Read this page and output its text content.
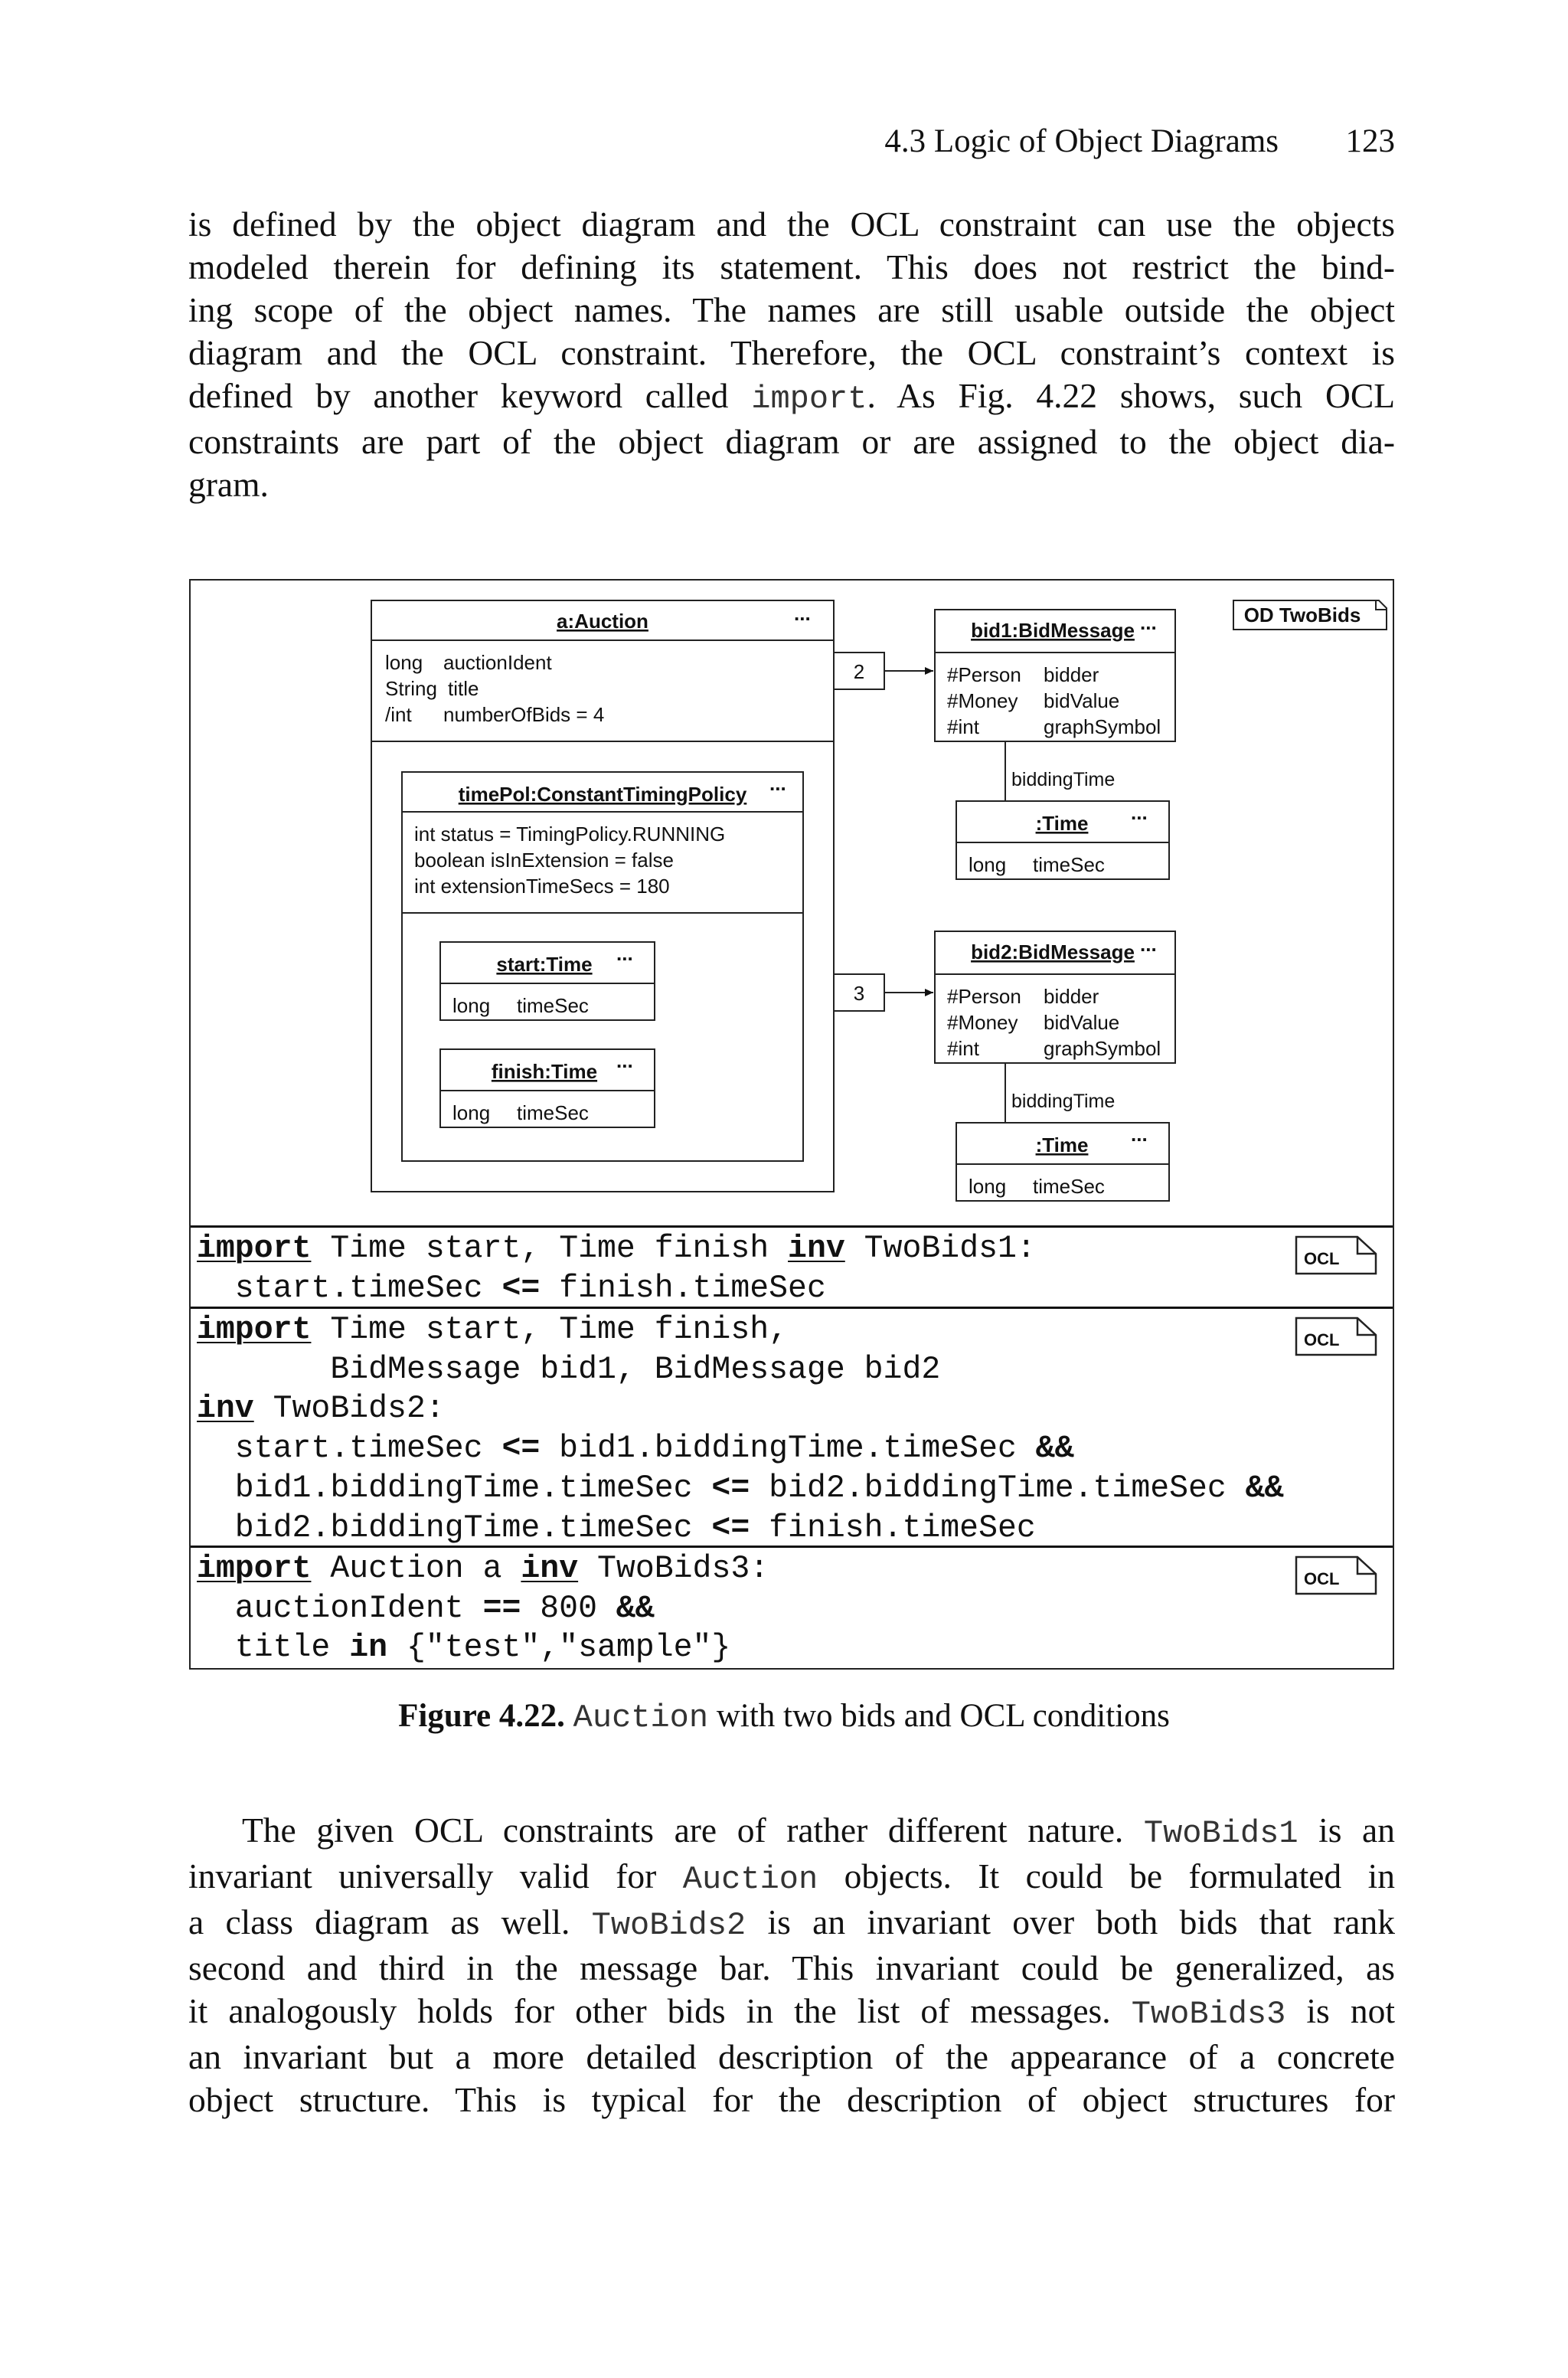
4.3 Logic of Object Diagrams 123
is defined by the object diagram and the OCL constraint can use the objects
modeled therein for defining its statement. This does not restrict the bind-
ing scope of the object names. The names are still usable outside the object
diagram and the OCL constraint. Therefore, the OCL constraint’s context is
defined by another keyword called import. As Fig. 4.22 shows, such OCL
constraints are part of the object diagram or are assigned to the object dia-
gram.
a:Auction	...
long auctionIdent
String title
/int numberOfBids = 4
timePol:ConstantTimingPolicy ...
int status = TimingPolicy.RUNNING
boolean isInExtension = false
int extensionTimeSecs = 180
start:Time ...
long timeSec
finish:Time ...
long timeSec
2
3
bid1:BidMessage ...
#Person bidder
#Money bidValue
#int	graphSymbol
biddingTime
:Time ...
long timeSec
bid2:BidMessage ...
#Person bidder
#Money bidValue
#int	graphSymbol
biddingTime
:Time ...
long timeSec
OD TwoBids
import Time start, Time finish inv TwoBids1:
start.timeSec <= finish.timeSec
OCL
import Time start, Time finish,
BidMessage bid1, BidMessage bid2
inv TwoBids2:
start.timeSec <= bid1.biddingTime.timeSec &&
bid1.biddingTime.timeSec <= bid2.biddingTime.timeSec &&
bid2.biddingTime.timeSec <= finish.timeSec
OCL
import Auction a inv TwoBids3:
auctionIdent == 800 &&
title in {"test","sample"}
OCL

Figure 4.22. Auction with two bids and OCL conditions

The given OCL constraints are of rather different nature. TwoBids1 is an
invariant universally valid for Auction objects. It could be formulated in
a class diagram as well. TwoBids2 is an invariant over both bids that rank
second and third in the message bar. This invariant could be generalized, as
it analogously holds for other bids in the list of messages. TwoBids3 is not
an invariant but a more detailed description of the appearance of a concrete
object structure. This is typical for the description of object structures for
